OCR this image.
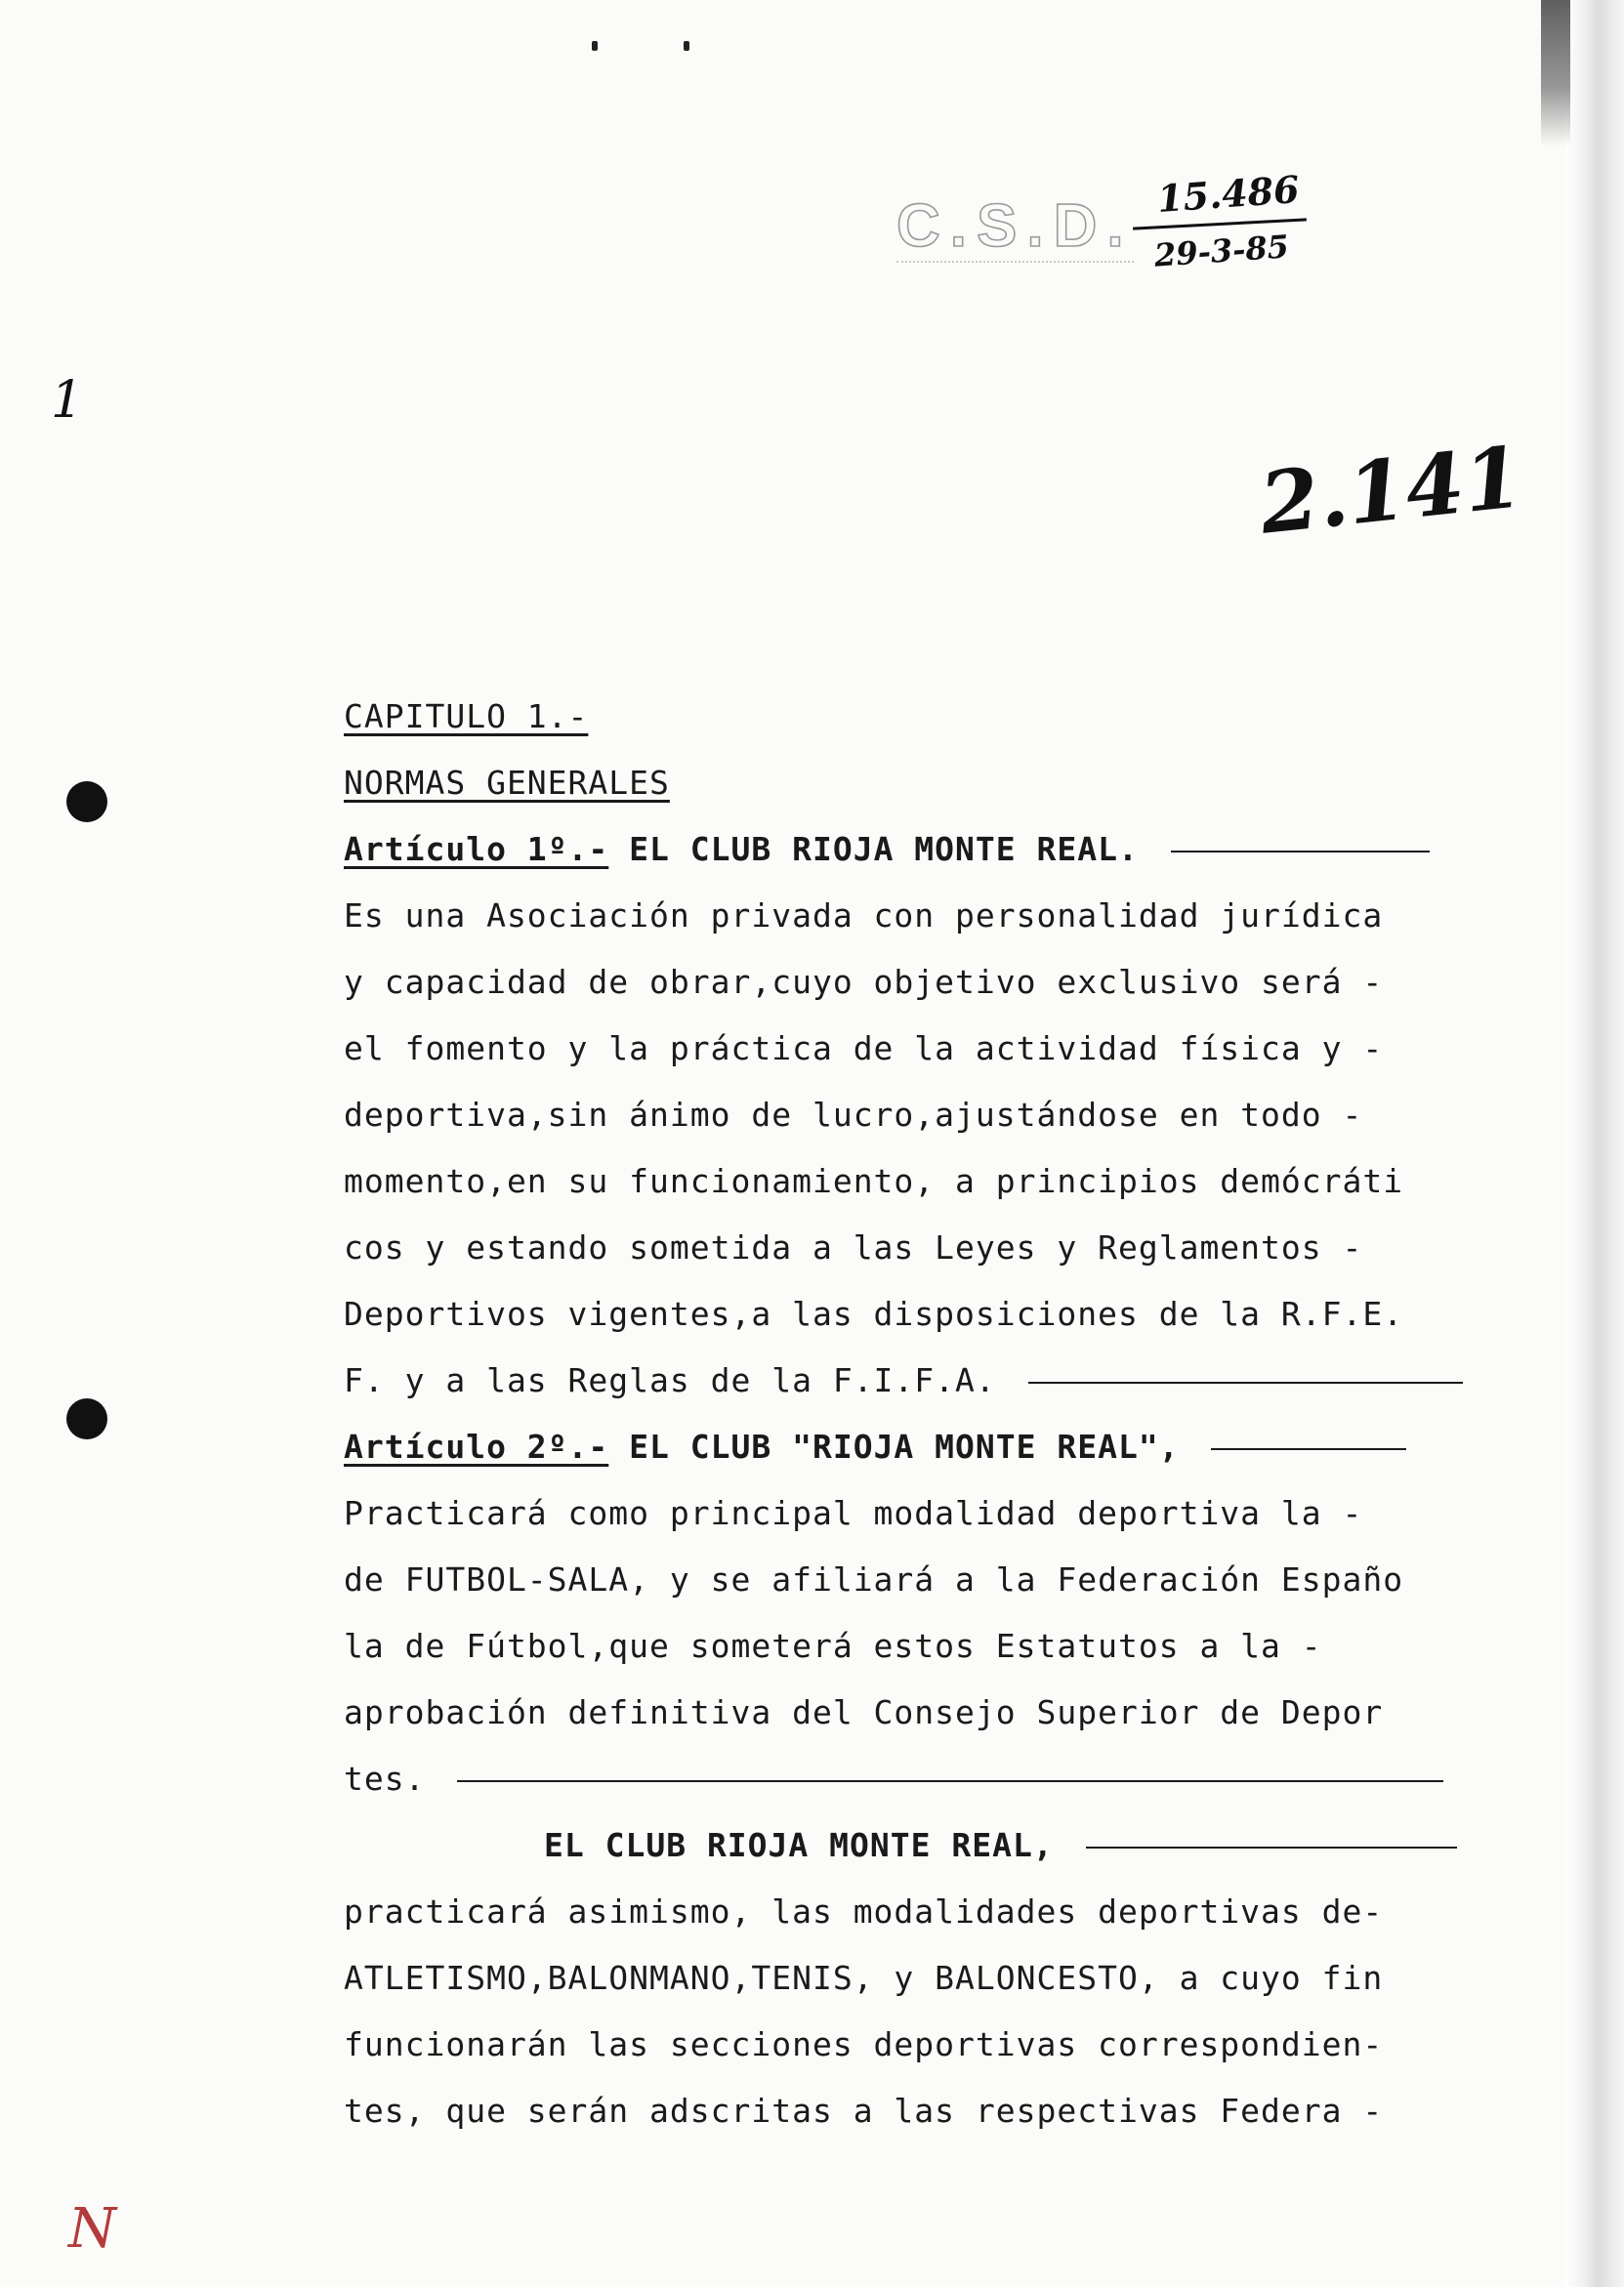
C.S.D. 15.486
29-3-85
2.141
1
N
CAPITULO 1.-
NORMAS GENERALES
Artículo 1º.- EL CLUB RIOJA MONTE REAL.
Es una Asociación privada con personalidad jurídica
y capacidad de obrar,cuyo objetivo exclusivo será -
el fomento y la práctica de la actividad física y -
deportiva,sin ánimo de lucro,ajustándose en todo -
momento,en su funcionamiento, a principios demócráti
cos y estando sometida a las Leyes y Reglamentos -
Deportivos vigentes,a las disposiciones de la R.F.E.
F. y a las Reglas de la F.I.F.A.
Artículo 2º.- EL CLUB "RIOJA MONTE REAL",
Practicará como principal modalidad deportiva la -
de FUTBOL-SALA, y se afiliará a la Federación Españo
la de Fútbol,que someterá estos Estatutos a la -
aprobación definitiva del Consejo Superior de Depor
tes.
EL CLUB RIOJA MONTE REAL,
practicará asimismo, las modalidades deportivas de-
ATLETISMO,BALONMANO,TENIS, y BALONCESTO, a cuyo fin
funcionarán las secciones deportivas correspondien-
tes, que serán adscritas a las respectivas Federa -
